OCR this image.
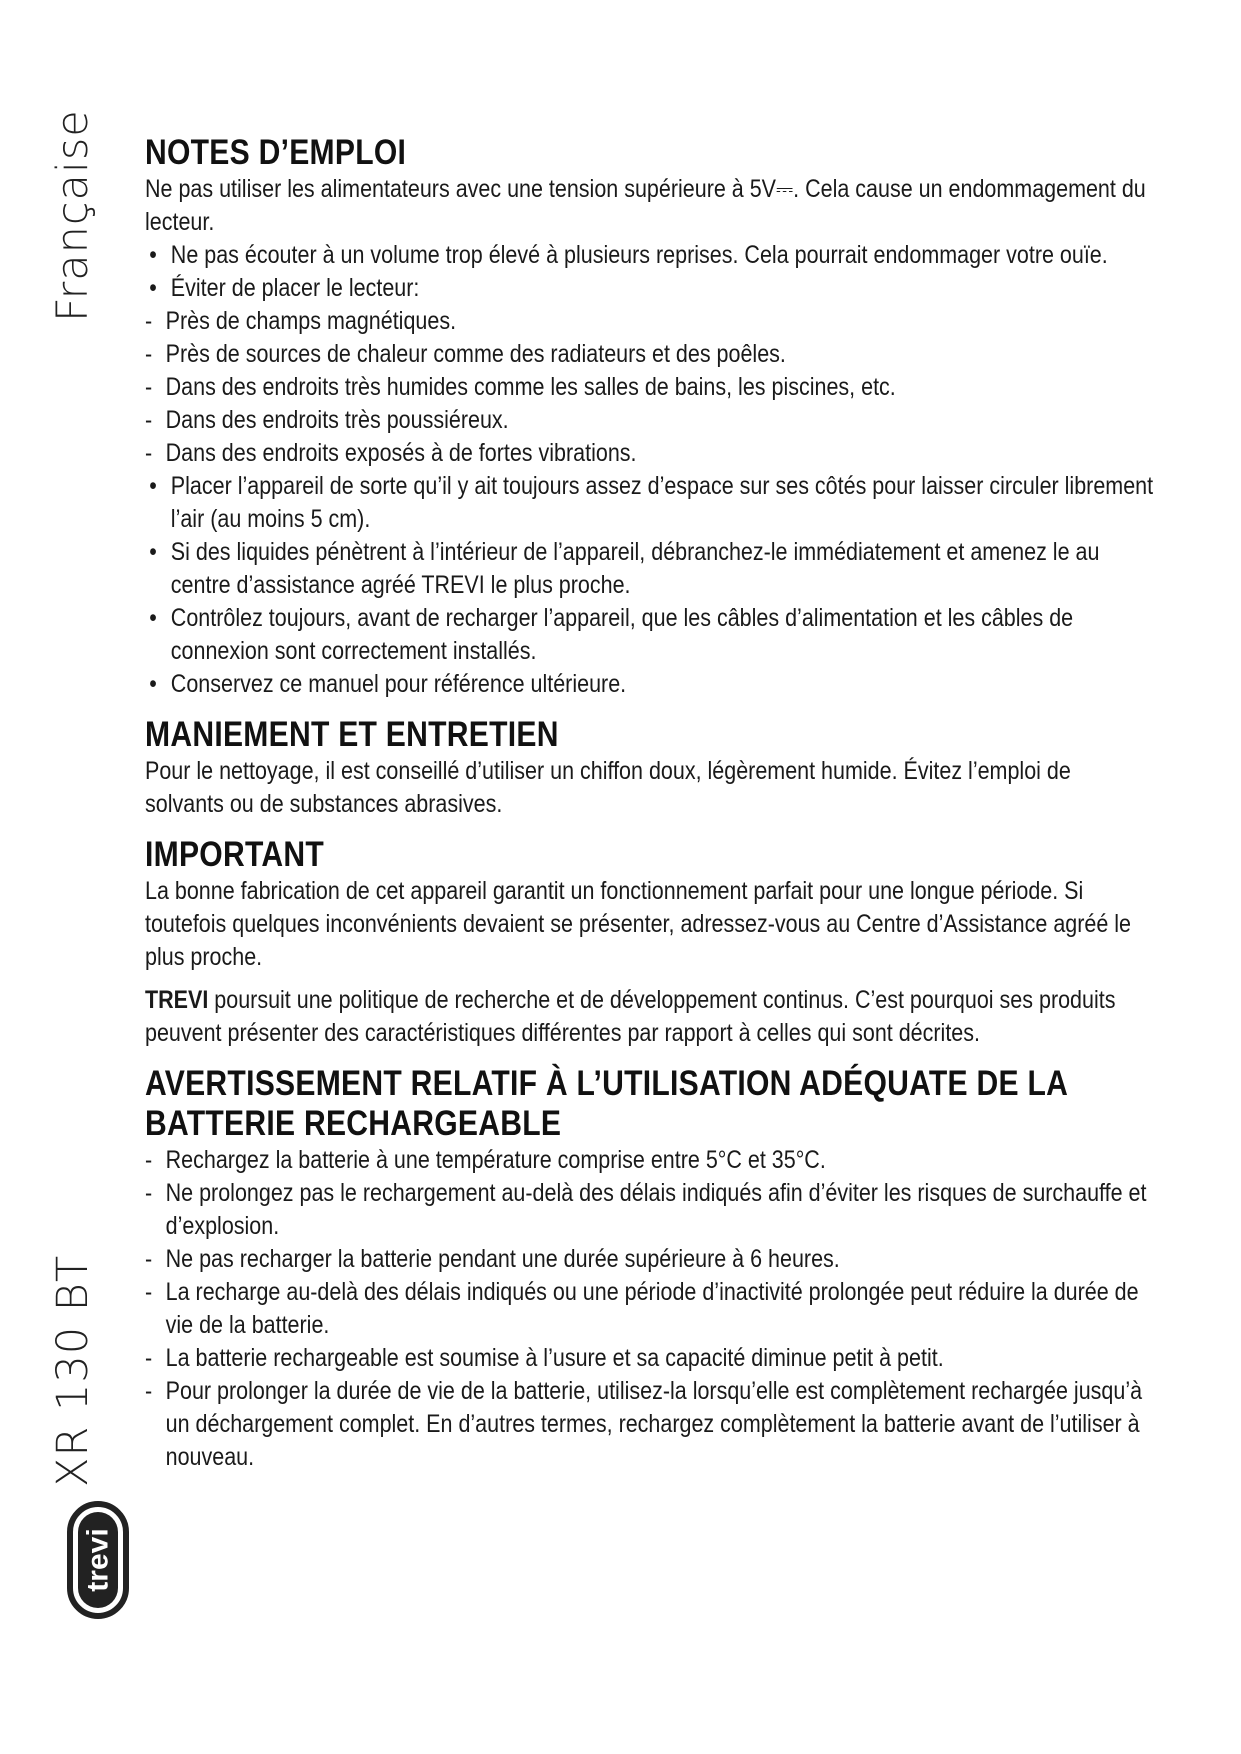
Française
XR 130 BT
trevi
NOTES D’EMPLOI

Ne pas utiliser les alimentateurs avec une tension supérieure à 5V⎓. Cela cause un endommagement du lecteur.

• Ne pas écouter à un volume trop élevé à plusieurs reprises. Cela pourrait endommager votre ouïe.
• Éviter de placer le lecteur:
- Près de champs magnétiques.
- Près de sources de chaleur comme des radiateurs et des poêles.
- Dans des endroits très humides comme les salles de bains, les piscines, etc.
- Dans des endroits très poussiéreux.
- Dans des endroits exposés à de fortes vibrations.
• Placer l’appareil de sorte qu’il y ait toujours assez d’espace sur ses côtés pour laisser circuler librement l’air (au moins 5 cm).
• Si des liquides pénètrent à l’intérieur de l’appareil, débranchez-le immédiatement et amenez le au centre d’assistance agréé TREVI le plus proche.
• Contrôlez toujours, avant de recharger l’appareil, que les câbles d’alimentation et les câbles de connexion sont correctement installés.
• Conservez ce manuel pour référence ultérieure.
MANIEMENT ET ENTRETIEN

Pour le nettoyage, il est conseillé d’utiliser un chiffon doux, légèrement humide. Évitez l’emploi de solvants ou de substances abrasives.

IMPORTANT

La bonne fabrication de cet appareil garantit un fonctionnement parfait pour une longue période. Si toutefois quelques inconvénients devaient se présenter, adressez-vous au Centre d’Assistance agréé le plus proche.

TREVI poursuit une politique de recherche et de développement continus. C’est pourquoi ses produits peuvent présenter des caractéristiques différentes par rapport à celles qui sont décrites.

AVERTISSEMENT RELATIF À L’UTILISATION ADÉQUATE DE LA BATTERIE RECHARGEABLE
- Rechargez la batterie à une température comprise entre 5°C et 35°C.
- Ne prolongez pas le rechargement au-delà des délais indiqués afin d’éviter les risques de surchauffe et d’explosion.
- Ne pas recharger la batterie pendant une durée supérieure à 6 heures.
- La recharge au-delà des délais indiqués ou une période d’inactivité prolongée peut réduire la durée de vie de la batterie.
- La batterie rechargeable est soumise à l’usure et sa capacité diminue petit à petit.
- Pour prolonger la durée de vie de la batterie, utilisez-la lorsqu’elle est complètement rechargée jusqu’à un déchargement complet. En d’autres termes, rechargez complètement la batterie avant de l’utiliser à nouveau.
